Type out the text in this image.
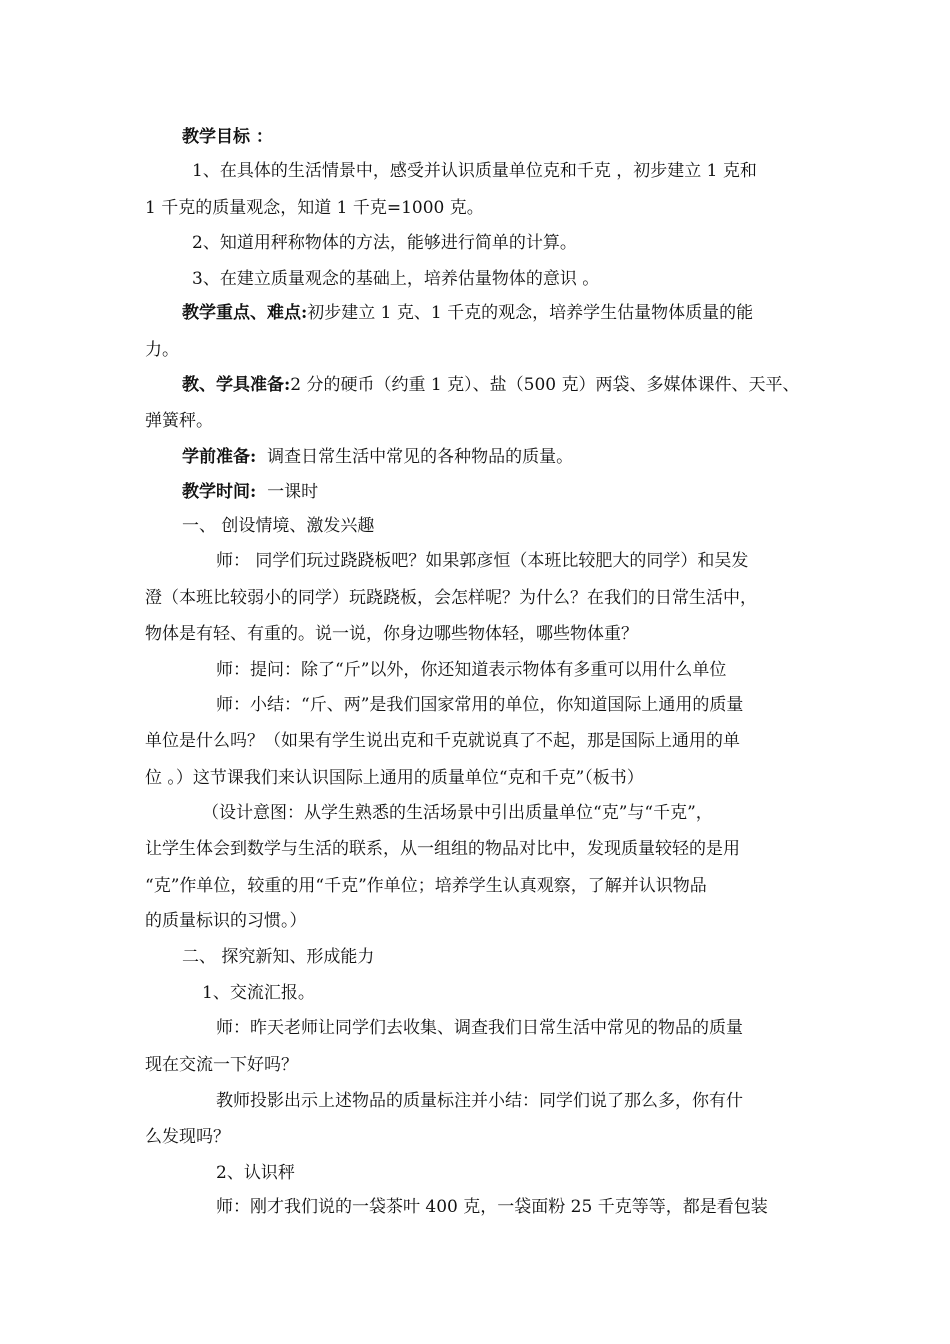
教学目标 ：
1、在具体的生活情景中，感受并认识质量单位克和千克 ，初步建立 1 克和
1 千克的质量观念，知道 1 千克=1000 克。
2、知道用秤称物体的方法，能够进行简单的计算。
3、在建立质量观念的基础上，培养估量物体的意识 。
教学重点、难点:初步建立 1 克、1 千克的观念，培养学生估量物体质量的能
力。
教、学具准备:2 分的硬币（约重 1 克）、盐（500 克）两袋、多媒体课件、天平、
弹簧秤。
学前准备: 调查日常生活中常见的各种物品的质量。
教学时间: 一课时
一、 创设情境、激发兴趣
师： 同学们玩过跷跷板吧？如果郭彦恒（本班比较肥大的同学）和吴发
澄（本班比较弱小的同学）玩跷跷板，会怎样呢？为什么？在我们的日常生活中，
物体是有轻、有重的。说一说，你身边哪些物体轻，哪些物体重？
师：提问：除了“斤”以外，你还知道表示物体有多重可以用什么单位
师：小结：“斤、两”是我们国家常用的单位，你知道国际上通用的质量
单位是什么吗？（如果有学生说出克和千克就说真了不起，那是国际上通用的单
位 。）这节课我们来认识国际上通用的质量单位“克和千克”（板书）
（设计意图：从学生熟悉的生活场景中引出质量单位“克”与“千克”，
让学生体会到数学与生活的联系，从一组组的物品对比中，发现质量较轻的是用
“克”作单位，较重的用“千克”作单位；培养学生认真观察，了解并认识物品
的质量标识的习惯。）
二、 探究新知、形成能力
1、交流汇报。
师：昨天老师让同学们去收集、调查我们日常生活中常见的物品的质量
现在交流一下好吗？
教师投影出示上述物品的质量标注并小结：同学们说了那么多，你有什
么发现吗？
2、认识秤
师：刚才我们说的一袋茶叶 400 克，一袋面粉 25 千克等等，都是看包装
